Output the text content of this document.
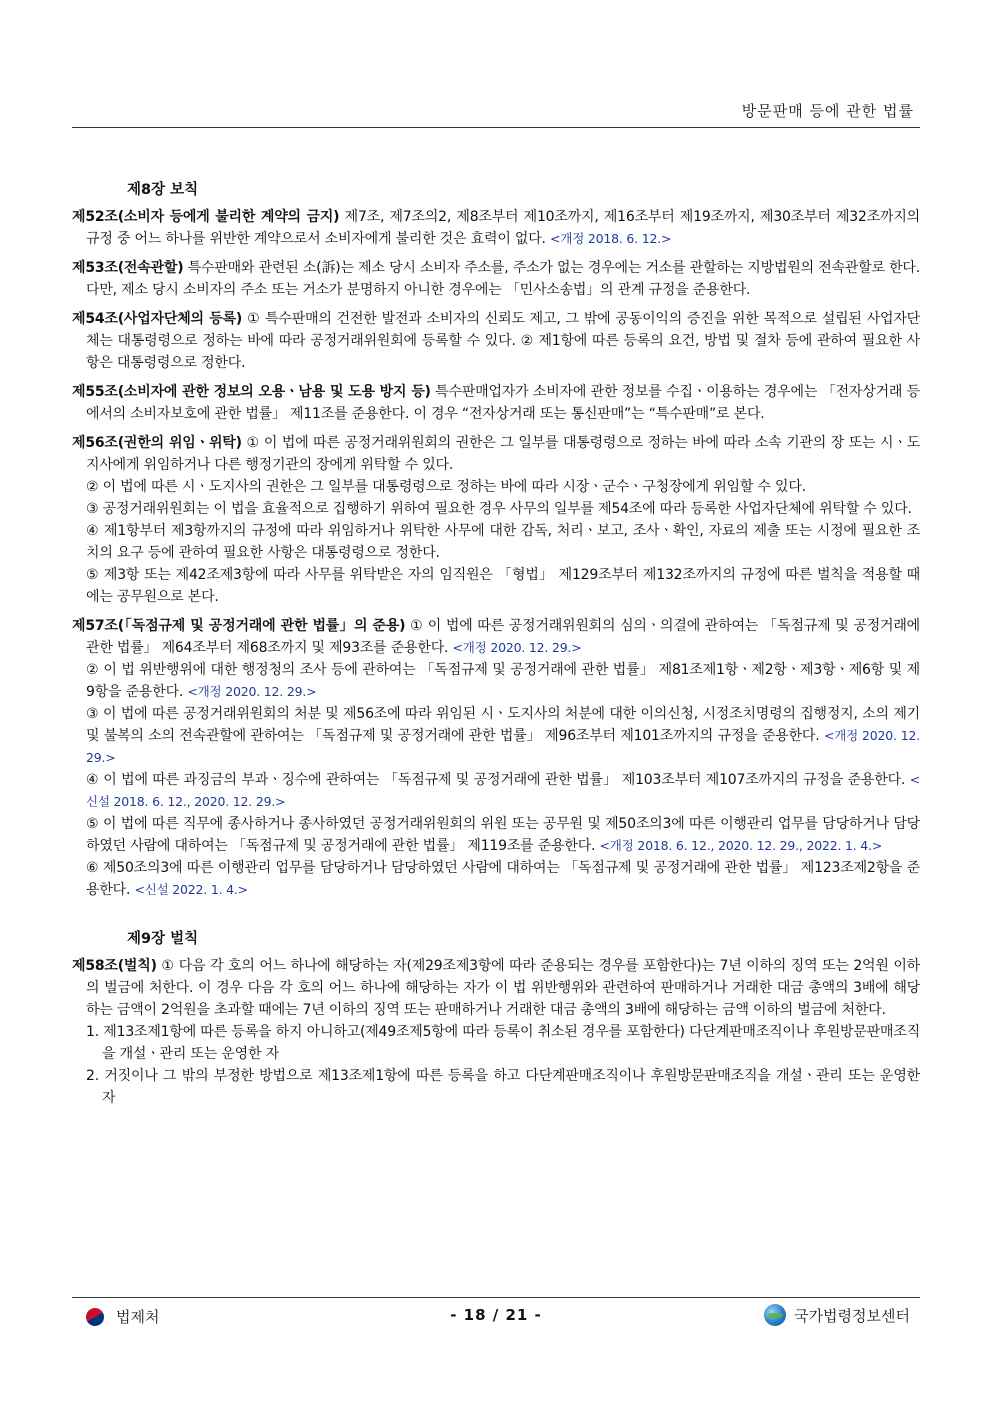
방문판매 등에 관한 법률
제8장 보칙
제52조(소비자 등에게 불리한 계약의 금지) 제7조, 제7조의2, 제8조부터 제10조까지, 제16조부터 제19조까지, 제30조부터 제32조까지의 규정 중 어느 하나를 위반한 계약으로서 소비자에게 불리한 것은 효력이 없다. <개정 2018. 6. 12.>
제53조(전속관할) 특수판매와 관련된 소(訴)는 제소 당시 소비자 주소를, 주소가 없는 경우에는 거소를 관할하는 지방법원의 전속관할로 한다. 다만, 제소 당시 소비자의 주소 또는 거소가 분명하지 아니한 경우에는 「민사소송법」의 관계 규정을 준용한다.
제54조(사업자단체의 등록) ① 특수판매의 건전한 발전과 소비자의 신뢰도 제고, 그 밖에 공동이익의 증진을 위한 목적으로 설립된 사업자단체는 대통령령으로 정하는 바에 따라 공정거래위원회에 등록할 수 있다. ② 제1항에 따른 등록의 요건, 방법 및 절차 등에 관하여 필요한 사항은 대통령령으로 정한다.
제55조(소비자에 관한 정보의 오용ㆍ남용 및 도용 방지 등) 특수판매업자가 소비자에 관한 정보를 수집ㆍ이용하는 경우에는 「전자상거래 등에서의 소비자보호에 관한 법률」 제11조를 준용한다. 이 경우 “전자상거래 또는 통신판매”는 “특수판매”로 본다.
제56조(권한의 위임ㆍ위탁) ① 이 법에 따른 공정거래위원회의 권한은 그 일부를 대통령령으로 정하는 바에 따라 소속 기관의 장 또는 시ㆍ도지사에게 위임하거나 다른 행정기관의 장에게 위탁할 수 있다.
② 이 법에 따른 시ㆍ도지사의 권한은 그 일부를 대통령령으로 정하는 바에 따라 시장ㆍ군수ㆍ구청장에게 위임할 수 있다.
③ 공정거래위원회는 이 법을 효율적으로 집행하기 위하여 필요한 경우 사무의 일부를 제54조에 따라 등록한 사업자단체에 위탁할 수 있다.
④ 제1항부터 제3항까지의 규정에 따라 위임하거나 위탁한 사무에 대한 감독, 처리ㆍ보고, 조사ㆍ확인, 자료의 제출 또는 시정에 필요한 조치의 요구 등에 관하여 필요한 사항은 대통령령으로 정한다.
⑤ 제3항 또는 제42조제3항에 따라 사무를 위탁받은 자의 임직원은 「형법」 제129조부터 제132조까지의 규정에 따른 벌칙을 적용할 때에는 공무원으로 본다.
제57조(「독점규제 및 공정거래에 관한 법률」의 준용) ① 이 법에 따른 공정거래위원회의 심의ㆍ의결에 관하여는 「독점규제 및 공정거래에 관한 법률」 제64조부터 제68조까지 및 제93조를 준용한다. <개정 2020. 12. 29.>
② 이 법 위반행위에 대한 행정청의 조사 등에 관하여는 「독점규제 및 공정거래에 관한 법률」 제81조제1항ㆍ제2항ㆍ제3항ㆍ제6항 및 제9항을 준용한다. <개정 2020. 12. 29.>
③ 이 법에 따른 공정거래위원회의 처분 및 제56조에 따라 위임된 시ㆍ도지사의 처분에 대한 이의신청, 시정조치명령의 집행정지, 소의 제기 및 불복의 소의 전속관할에 관하여는 「독점규제 및 공정거래에 관한 법률」 제96조부터 제101조까지의 규정을 준용한다. <개정 2020. 12. 29.>
④ 이 법에 따른 과징금의 부과ㆍ징수에 관하여는 「독점규제 및 공정거래에 관한 법률」 제103조부터 제107조까지의 규정을 준용한다. <신설 2018. 6. 12., 2020. 12. 29.>
⑤ 이 법에 따른 직무에 종사하거나 종사하였던 공정거래위원회의 위원 또는 공무원 및 제50조의3에 따른 이행관리 업무를 담당하거나 담당하였던 사람에 대하여는 「독점규제 및 공정거래에 관한 법률」 제119조를 준용한다. <개정 2018. 6. 12., 2020. 12. 29., 2022. 1. 4.>
⑥ 제50조의3에 따른 이행관리 업무를 담당하거나 담당하였던 사람에 대하여는 「독점규제 및 공정거래에 관한 법률」 제123조제2항을 준용한다. <신설 2022. 1. 4.>
제9장 벌칙
제58조(벌칙) ① 다음 각 호의 어느 하나에 해당하는 자(제29조제3항에 따라 준용되는 경우를 포함한다)는 7년 이하의 징역 또는 2억원 이하의 벌금에 처한다. 이 경우 다음 각 호의 어느 하나에 해당하는 자가 이 법 위반행위와 관련하여 판매하거나 거래한 대금 총액의 3배에 해당하는 금액이 2억원을 초과할 때에는 7년 이하의 징역 또는 판매하거나 거래한 대금 총액의 3배에 해당하는 금액 이하의 벌금에 처한다.
1. 제13조제1항에 따른 등록을 하지 아니하고(제49조제5항에 따라 등록이 취소된 경우를 포함한다) 다단계판매조직이나 후원방문판매조직을 개설ㆍ관리 또는 운영한 자
2. 거짓이나 그 밖의 부정한 방법으로 제13조제1항에 따른 등록을 하고 다단계판매조직이나 후원방문판매조직을 개설ㆍ관리 또는 운영한 자
법제처	- 18 / 21 -	국가법령정보센터
